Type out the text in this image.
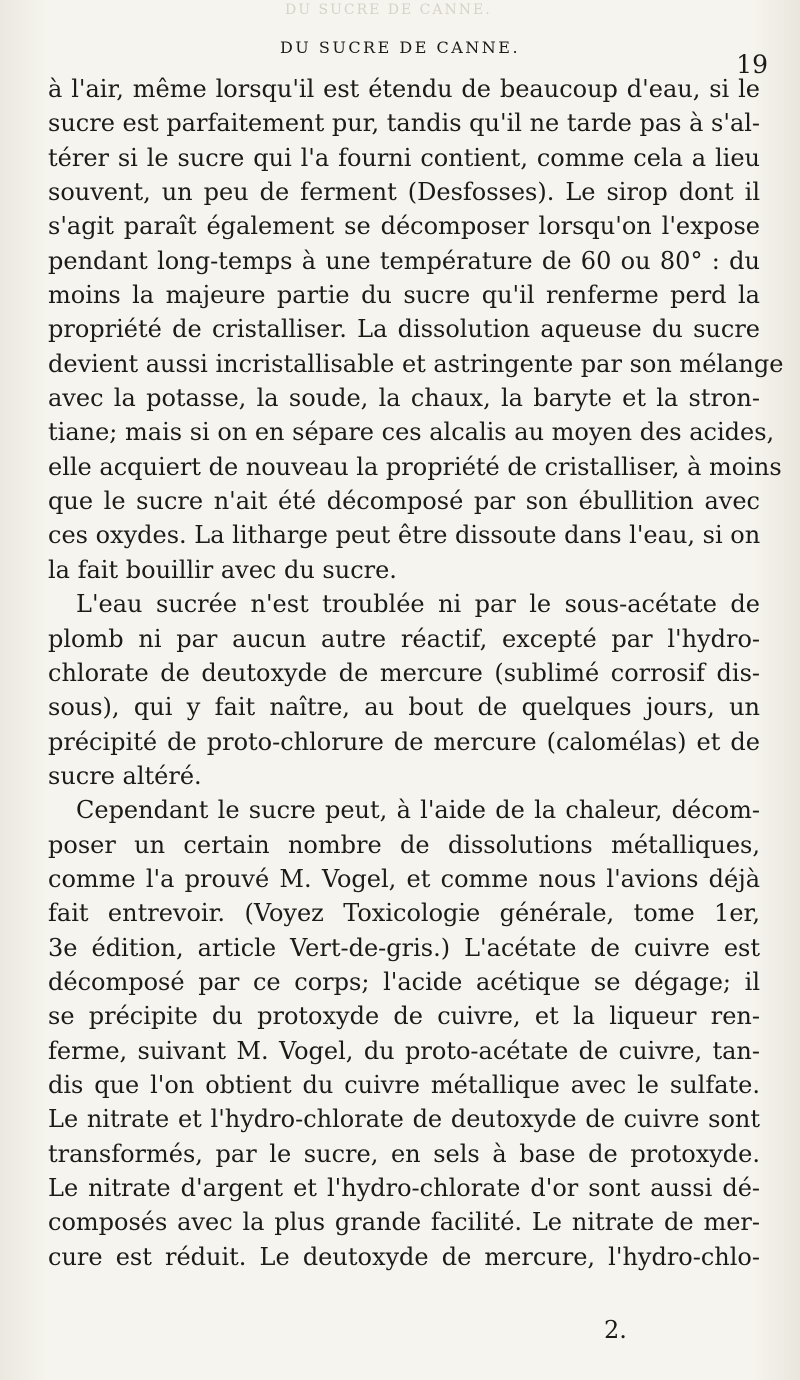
DU SUCRE DE CANNE.
DU SUCRE DE CANNE.
19
à l'air, même lorsqu'il est étendu de beaucoup d'eau, si le
sucre est parfaitement pur, tandis qu'il ne tarde pas à s'al-
térer si le sucre qui l'a fourni contient, comme cela a lieu
souvent, un peu de ferment (Desfosses). Le sirop dont il
s'agit paraît également se décomposer lorsqu'on l'expose
pendant long-temps à une température de 60 ou 80° : du
moins la majeure partie du sucre qu'il renferme perd la
propriété de cristalliser. La dissolution aqueuse du sucre
devient aussi incristallisable et astringente par son mélange
avec la potasse, la soude, la chaux, la baryte et la stron-
tiane; mais si on en sépare ces alcalis au moyen des acides,
elle acquiert de nouveau la propriété de cristalliser, à moins
que le sucre n'ait été décomposé par son ébullition avec
ces oxydes. La litharge peut être dissoute dans l'eau, si on
la fait bouillir avec du sucre.
L'eau sucrée n'est troublée ni par le sous-acétate de
plomb ni par aucun autre réactif, excepté par l'hydro-
chlorate de deutoxyde de mercure (sublimé corrosif dis-
sous), qui y fait naître, au bout de quelques jours, un
précipité de proto-chlorure de mercure (calomélas) et de
sucre altéré.
Cependant le sucre peut, à l'aide de la chaleur, décom-
poser un certain nombre de dissolutions métalliques,
comme l'a prouvé M. Vogel, et comme nous l'avions déjà
fait entrevoir. (Voyez Toxicologie générale, tome 1er,
3e édition, article Vert-de-gris.) L'acétate de cuivre est
décomposé par ce corps; l'acide acétique se dégage; il
se précipite du protoxyde de cuivre, et la liqueur ren-
ferme, suivant M. Vogel, du proto-acétate de cuivre, tan-
dis que l'on obtient du cuivre métallique avec le sulfate.
Le nitrate et l'hydro-chlorate de deutoxyde de cuivre sont
transformés, par le sucre, en sels à base de protoxyde.
Le nitrate d'argent et l'hydro-chlorate d'or sont aussi dé-
composés avec la plus grande facilité. Le nitrate de mer-
cure est réduit. Le deutoxyde de mercure, l'hydro-chlo-
2.
